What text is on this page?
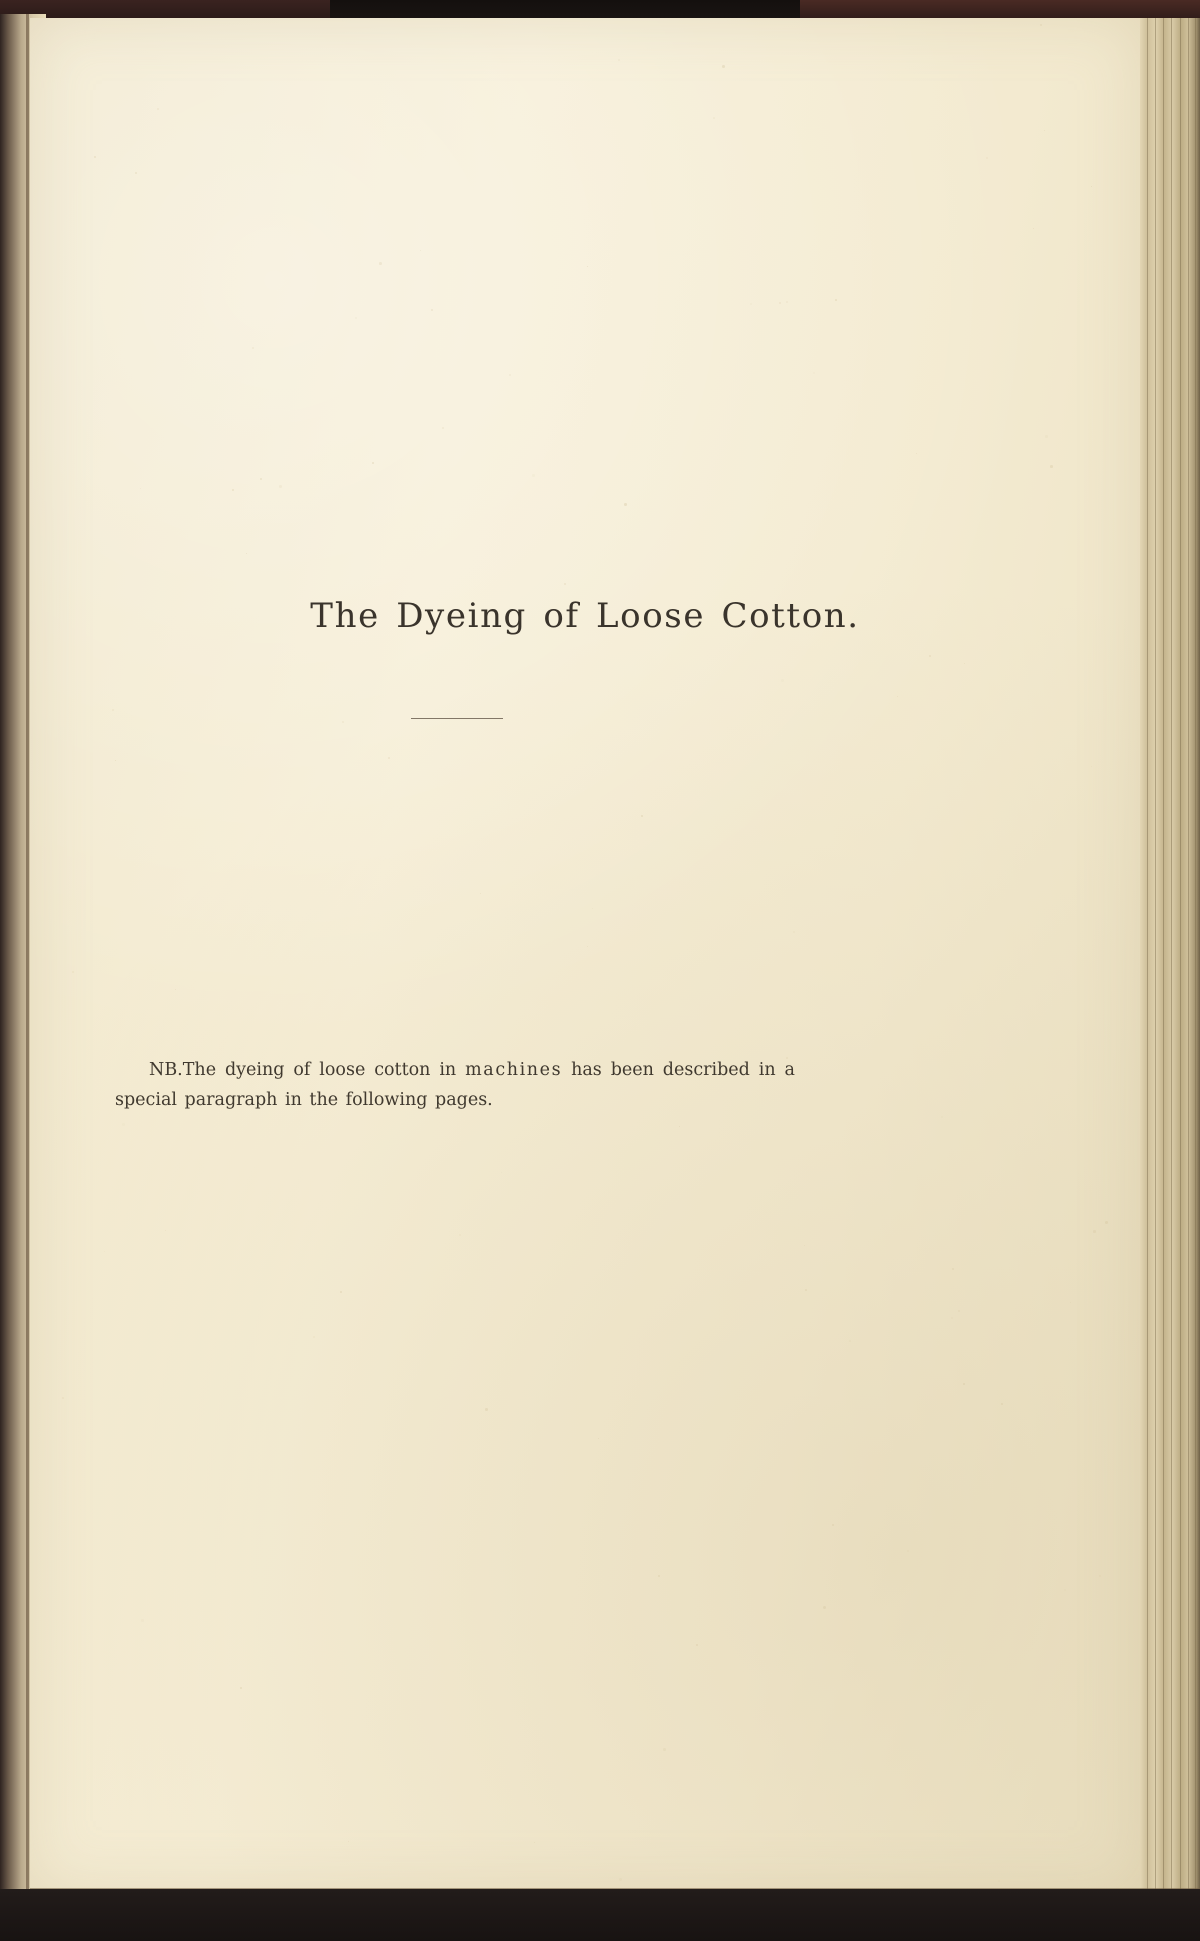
The Dyeing of Loose Cotton.

NB.The dyeing of loose cotton in machines has been described in a special paragraph in the following pages.
